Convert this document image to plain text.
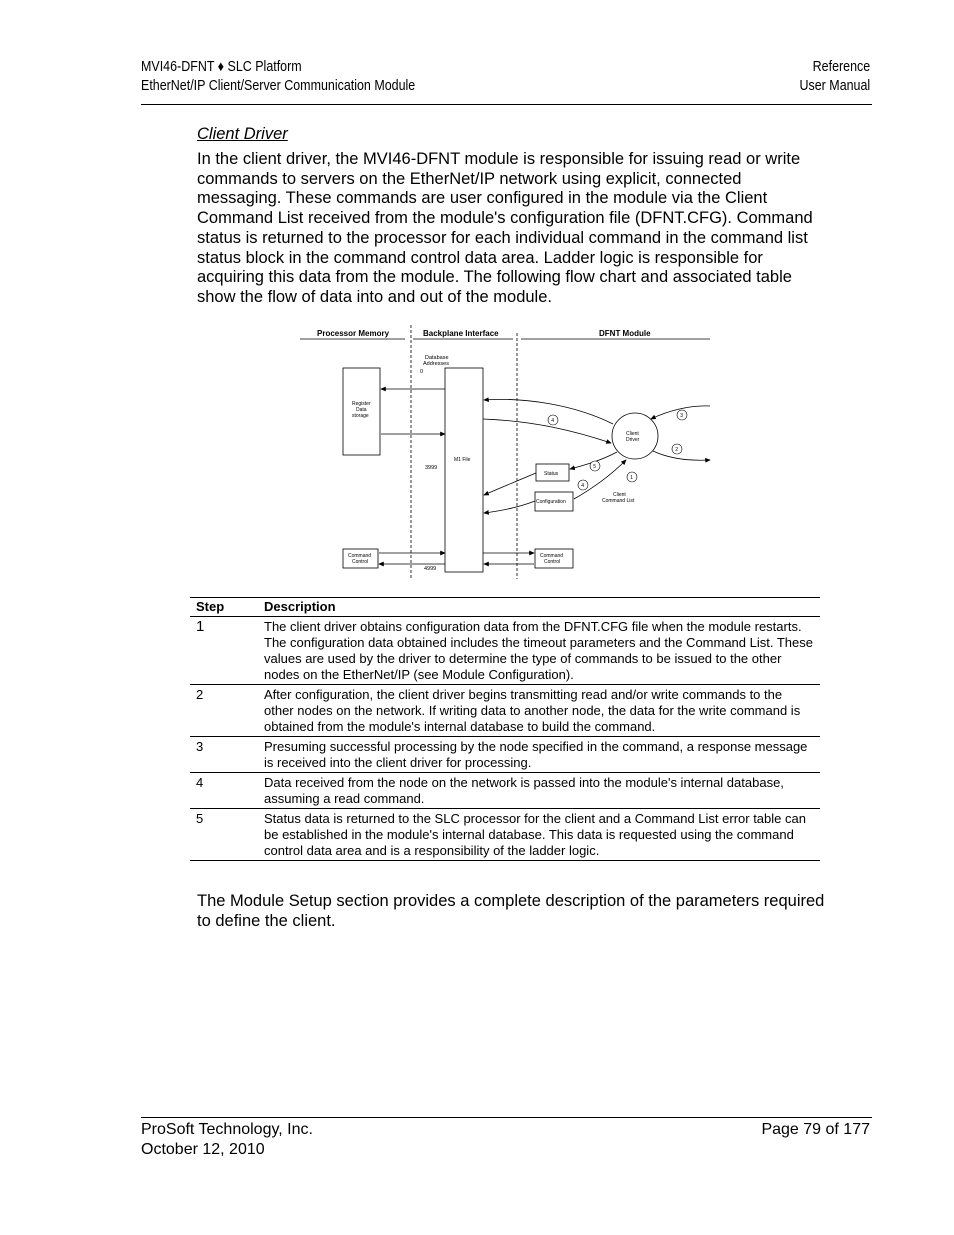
MVI46-DFNT ♦ SLC Platform
EtherNet/IP Client/Server Communication Module
Reference
User Manual
Client Driver
In the client driver, the MVI46-DFNT module is responsible for issuing read or write commands to servers on the EtherNet/IP network using explicit, connected messaging. These commands are user configured in the module via the Client Command List received from the module's configuration file (DFNT.CFG). Command status is returned to the processor for each individual command in the command list status block in the command control data area. Ladder logic is responsible for acquiring this data from the module. The following flow chart and associated table show the flow of data into and out of the module.
Processor Memory	Backplane Interface	DFNT Module
Database
Addresses
0
3999
4999
Register
Data
storage
M1 File
Command
Control
Command
Control
Client
Driver
Status
Configuration
Client
Command List
4
3
2
5
1
4
Step	Description
1	The client driver obtains configuration data from the DFNT.CFG file when the module restarts. The configuration data obtained includes the timeout parameters and the Command List. These values are used by the driver to determine the type of commands to be issued to the other nodes on the EtherNet/IP (see Module Configuration).
2	After configuration, the client driver begins transmitting read and/or write commands to the other nodes on the network. If writing data to another node, the data for the write command is obtained from the module's internal database to build the command.
3	Presuming successful processing by the node specified in the command, a response message is received into the client driver for processing.
4	Data received from the node on the network is passed into the module's internal database, assuming a read command.
5	Status data is returned to the SLC processor for the client and a Command List error table can be established in the module's internal database. This data is requested using the command control data area and is a responsibility of the ladder logic.
The Module Setup section provides a complete description of the parameters required to define the client.
ProSoft Technology, Inc.
October 12, 2010
Page 79 of 177
